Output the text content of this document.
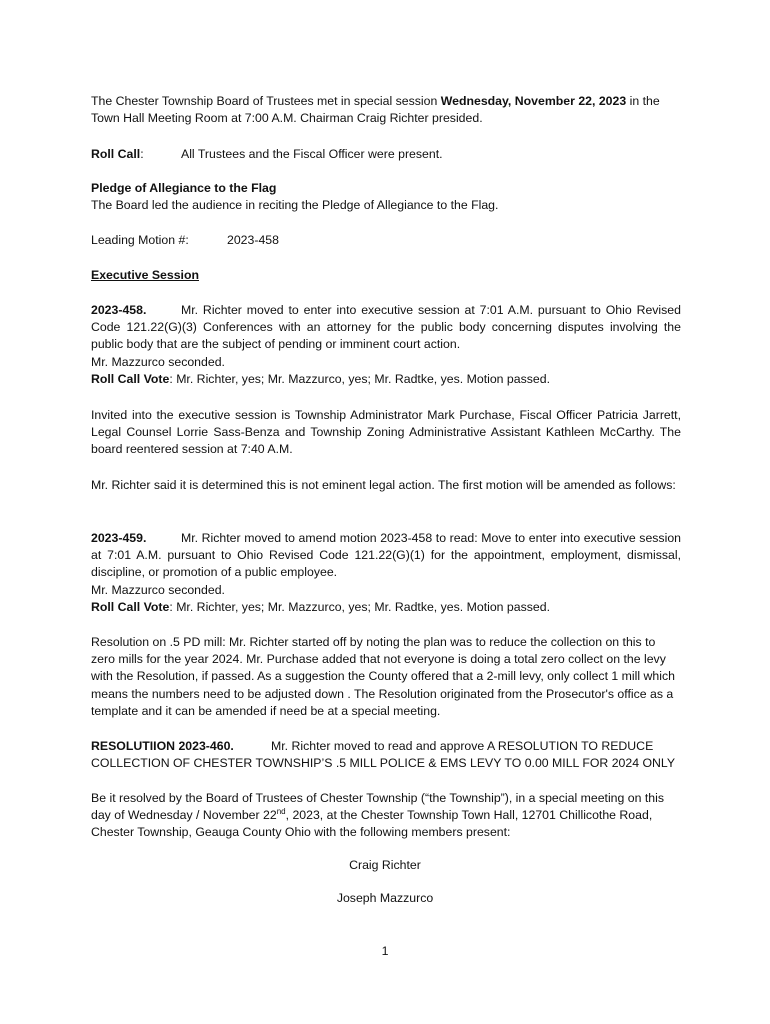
The Chester Township Board of Trustees met in special session Wednesday, November 22, 2023 in the Town Hall Meeting Room at 7:00 A.M. Chairman Craig Richter presided.

Roll Call:	All Trustees and the Fiscal Officer were present.

Pledge of Allegiance to the Flag
The Board led the audience in reciting the Pledge of Allegiance to the Flag.

Leading Motion #:	2023-458

Executive Session

2023-458.	Mr. Richter moved to enter into executive session at 7:01 A.M. pursuant to Ohio Revised Code 121.22(G)(3) Conferences with an attorney for the public body concerning disputes involving the public body that are the subject of pending or imminent court action.

Mr. Mazzurco seconded.
Roll Call Vote: Mr. Richter, yes; Mr. Mazzurco, yes; Mr. Radtke, yes. Motion passed.

Invited into the executive session is Township Administrator Mark Purchase, Fiscal Officer Patricia Jarrett, Legal Counsel Lorrie Sass-Benza and Township Zoning Administrative Assistant Kathleen McCarthy. The board reentered session at 7:40 A.M.

Mr. Richter said it is determined this is not eminent legal action. The first motion will be amended as follows:

2023-459.	Mr. Richter moved to amend motion 2023-458 to read: Move to enter into executive session at 7:01 A.M. pursuant to Ohio Revised Code 121.22(G)(1) for the appointment, employment, dismissal, discipline, or promotion of a public employee.

Mr. Mazzurco seconded.
Roll Call Vote: Mr. Richter, yes; Mr. Mazzurco, yes; Mr. Radtke, yes. Motion passed.

Resolution on .5 PD mill: Mr. Richter started off by noting the plan was to reduce the collection on this to zero mills for the year 2024. Mr. Purchase added that not everyone is doing a total zero collect on the levy with the Resolution, if passed. As a suggestion the County offered that a 2-mill levy, only collect 1 mill which means the numbers need to be adjusted down . The Resolution originated from the Prosecutor's office as a template and it can be amended if need be at a special meeting.

RESOLUTIION 2023-460.	Mr. Richter moved to read and approve A RESOLUTION TO REDUCE COLLECTION OF CHESTER TOWNSHIP’S .5 MILL POLICE & EMS LEVY TO 0.00 MILL FOR 2024 ONLY

Be it resolved by the Board of Trustees of Chester Township (“the Township”), in a special meeting on this day of Wednesday / November 22nd, 2023, at the Chester Township Town Hall, 12701 Chillicothe Road, Chester Township, Geauga County Ohio with the following members present:

Craig Richter

Joseph Mazzurco

1
